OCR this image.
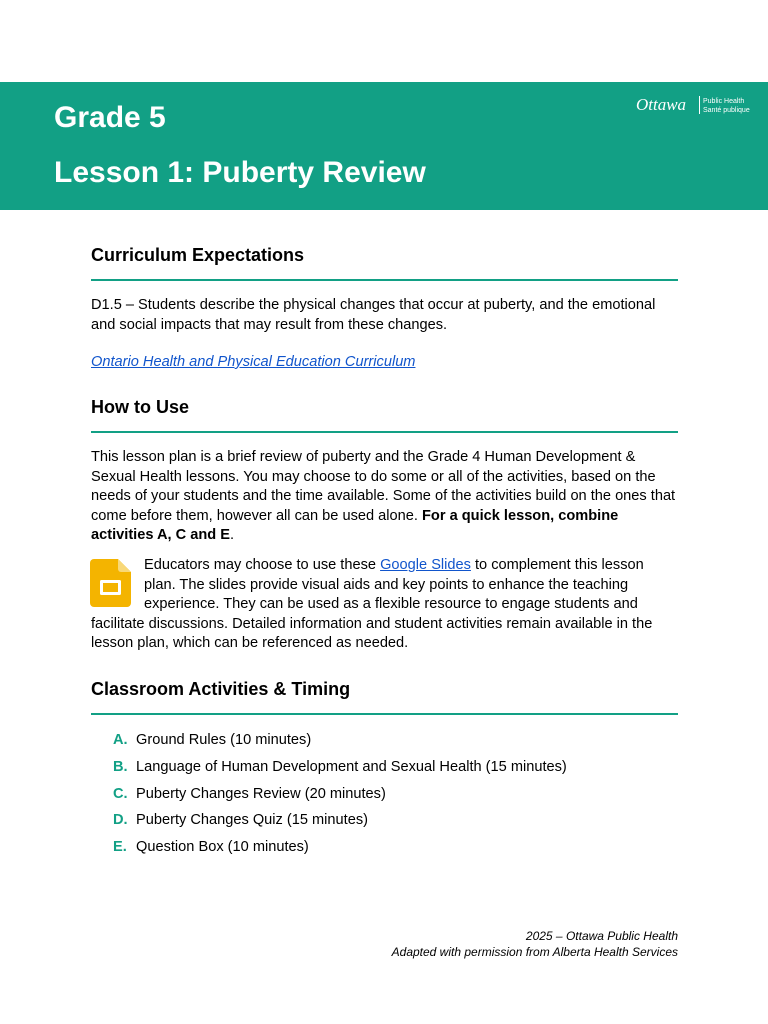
Grade 5
Lesson 1: Puberty Review
Ottawa Public Health
Santé publique
Curriculum Expectations

D1.5 – Students describe the physical changes that occur at puberty, and the emotional and social impacts that may result from these changes.

Ontario Health and Physical Education Curriculum

How to Use

This lesson plan is a brief review of puberty and the Grade 4 Human Development & Sexual Health lessons. You may choose to do some or all of the activities, based on the needs of your students and the time available. Some of the activities build on the ones that come before them, however all can be used alone. For a quick lesson, combine activities A, C and E.

Educators may choose to use these Google Slides to complement this lesson plan. The slides provide visual aids and key points to enhance the teaching experience. They can be used as a flexible resource to engage students and facilitate discussions. Detailed information and student activities remain available in the lesson plan, which can be referenced as needed.

Classroom Activities & Timing
A. Ground Rules (10 minutes)
B. Language of Human Development and Sexual Health (15 minutes)
C. Puberty Changes Review (20 minutes)
D. Puberty Changes Quiz (15 minutes)
E. Question Box (10 minutes)

2025 – Ottawa Public Health

Adapted with permission from Alberta Health Services
